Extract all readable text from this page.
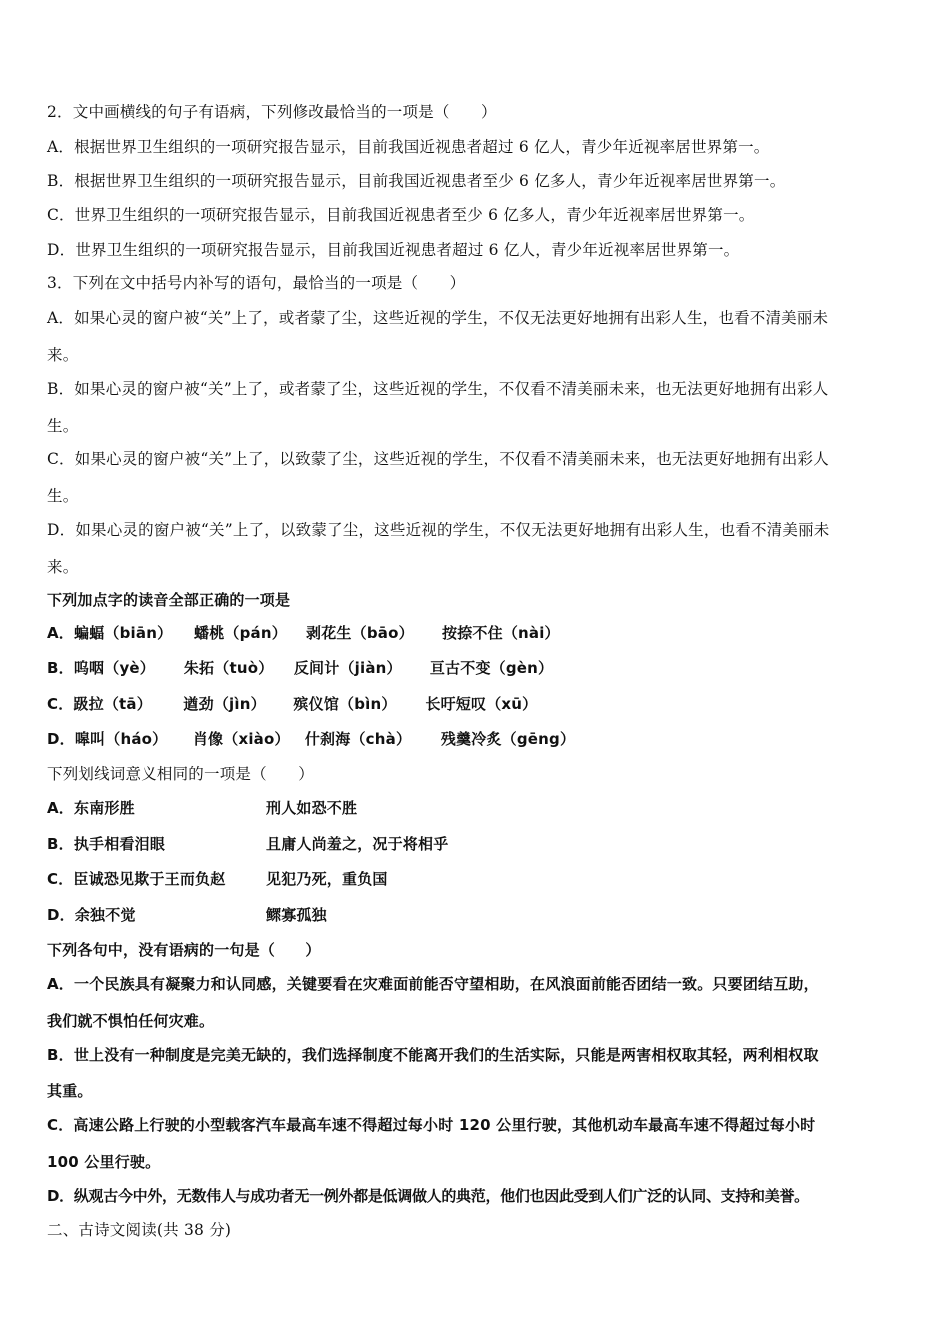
2．文中画横线的句子有语病，下列修改最恰当的一项是（　　）
A．根据世界卫生组织的一项研究报告显示，目前我国近视患者超过 6 亿人，青少年近视率居世界第一。
B．根据世界卫生组织的一项研究报告显示，目前我国近视患者至少 6 亿多人，青少年近视率居世界第一。
C．世界卫生组织的一项研究报告显示，目前我国近视患者至少 6 亿多人，青少年近视率居世界第一。
D．世界卫生组织的一项研究报告显示，目前我国近视患者超过 6 亿人，青少年近视率居世界第一。
3．下列在文中括号内补写的语句，最恰当的一项是（　　）
A．如果心灵的窗户被“关”上了，或者蒙了尘，这些近视的学生，不仅无法更好地拥有出彩人生，也看不清美丽未
来。
B．如果心灵的窗户被“关”上了，或者蒙了尘，这些近视的学生，不仅看不清美丽未来，也无法更好地拥有出彩人
生。
C．如果心灵的窗户被“关”上了，以致蒙了尘，这些近视的学生，不仅看不清美丽未来，也无法更好地拥有出彩人
生。
D．如果心灵的窗户被“关”上了，以致蒙了尘，这些近视的学生，不仅无法更好地拥有出彩人生，也看不清美丽未
来。
下列加点字的读音全部正确的一项是
A．蝙蝠（biān） 蟠桃（pán） 剥花生（bāo） 按捺不住（nài）
B．呜咽（yè） 朱拓（tuò） 反间计（jiàn） 亘古不变（gèn）
C．趿拉（tā） 遒劲（jìn） 殡仪馆（bìn） 长吁短叹（xū）
D．嗥叫（háo） 肖像（xiào） 什刹海（chà） 残羹冷炙（gēng）
下列划线词意义相同的一项是（　　）
A．东南形胜	刑人如恐不胜
B．执手相看泪眼	且庸人尚羞之，况于将相乎
C．臣诚恐见欺于王而负赵	见犯乃死，重负国
D．余独不觉	鳏寡孤独
下列各句中，没有语病的一句是（　　）
A．一个民族具有凝聚力和认同感，关键要看在灾难面前能否守望相助，在风浪面前能否团结一致。只要团结互助，
我们就不惧怕任何灾难。
B．世上没有一种制度是完美无缺的，我们选择制度不能离开我们的生活实际，只能是两害相权取其轻，两利相权取
其重。
C．高速公路上行驶的小型载客汽车最高车速不得超过每小时 120 公里行驶，其他机动车最高车速不得超过每小时
100 公里行驶。
D．纵观古今中外，无数伟人与成功者无一例外都是低调做人的典范，他们也因此受到人们广泛的认同、支持和美誉。
二、古诗文阅读(共 38 分)
